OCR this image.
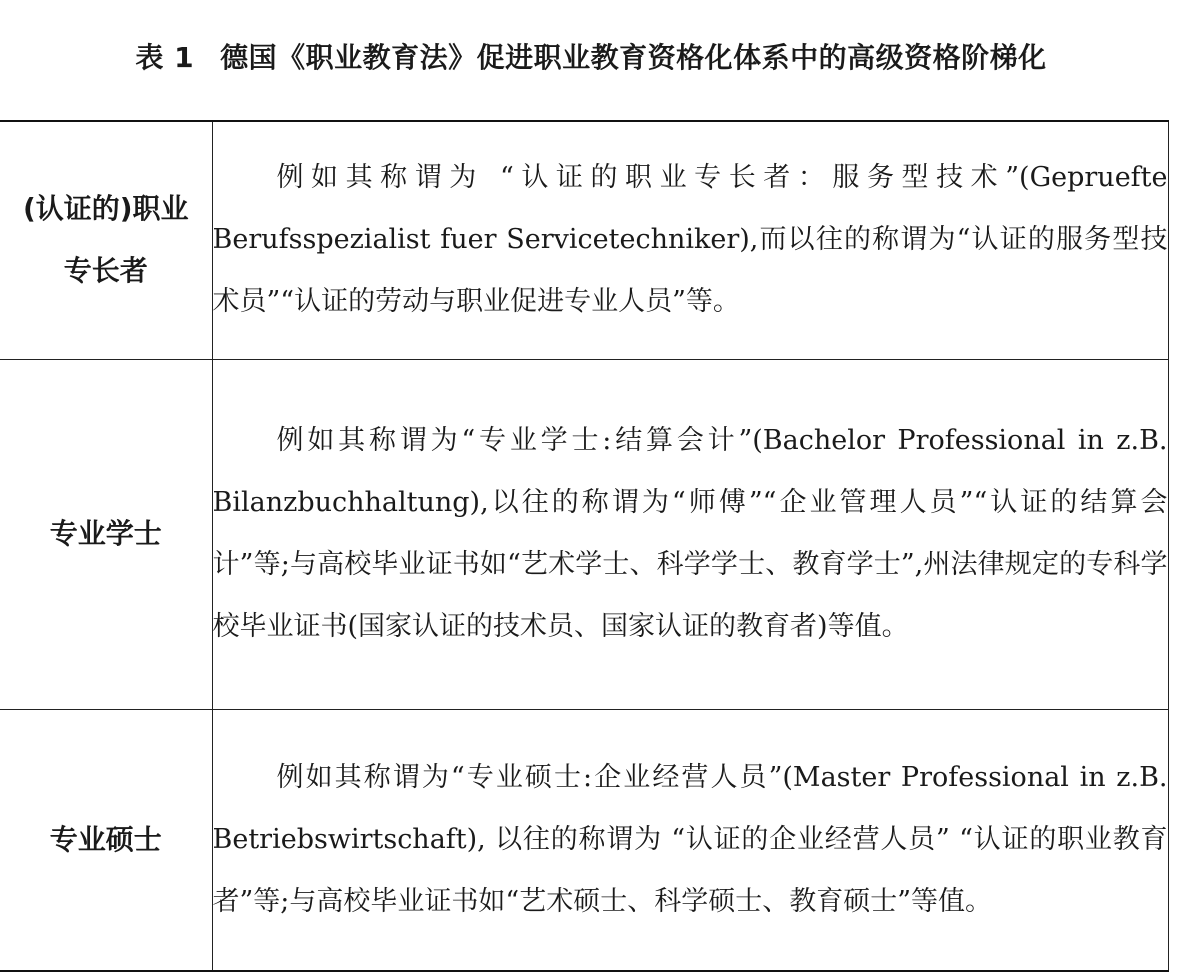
表 1 德国《职业教育法》促进职业教育资格化体系中的高级资格阶梯化
(认证的)职业专长者	例如其称谓为 “认证的职业专长者：服务型技术”(Gepruefte Berufsspezialist fuer Servicetechniker),而以往的称谓为“认证的服务型技术员”“认证的劳动与职业促进专业人员”等。

专业学士	例如其称谓为“专业学士:结算会计”(Bachelor Professional in z.B. Bilanzbuchhaltung),以往的称谓为“师傅”“企业管理人员”“认证的结算会计”等;与高校毕业证书如“艺术学士、科学学士、教育学士”,州法律规定的专科学校毕业证书(国家认证的技术员、国家认证的教育者)等值。

专业硕士	例如其称谓为“专业硕士:企业经营人员”(Master Professional in z.B. Betriebswirtschaft), 以往的称谓为 “认证的企业经营人员” “认证的职业教育者”等;与高校毕业证书如“艺术硕士、科学硕士、教育硕士”等值。
